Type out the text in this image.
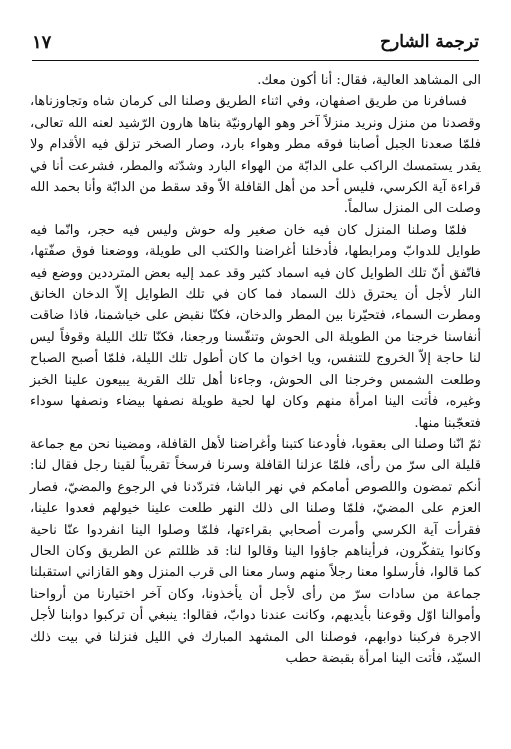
ترجمة الشارح
١٧

الى المشاهد العالية، فقال: أنا أكون معك.

فسافرنا من طريق اصفهان، وفي اثناء الطريق وصلنا الى كرمان شاه وتجاوزناها، وقصدنا من منزل ونريد منزلاً آخر وهو الهارونيّة بناها هارون الرّشيد لعنه الله تعالى، فلمّا صعدنا الجبل أصابنا فوقه مطر وهواء بارد، وصار الصخر تزلق فيه الأقدام ولا يقدر يستمسك الراكب على الدابّة من الهواء البارد وشدّته والمطر، فشرعت أنا في قراءة آية الكرسي، فليس أحد من أهل القافلة الاّ وقد سقط من الدابّة وأنا بحمد الله وصلت الى المنزل سالماً.

فلمّا وصلنا المنزل كان فيه خان صغير وله حوش وليس فيه حجر، وانّما فيه طوايل للدوابّ ومرابطها، فأدخلنا أغراضنا والكتب الى طويلة، ووضعنا فوق صفّتها، فاتّفق أنّ تلك الطوايل كان فيه اسماد كثير وقد عمد إليه بعض المترددين ووضع فيه النار لأجل أن يحترق ذلك السماد فما كان في تلك الطوايل إلاّ الدخان الخانق ومطرت السماء، فتحيّرنا بين المطر والدخان، فكنّا نقبض على خياشمنا، فاذا ضاقت أنفاسنا خرجنا من الطويلة الى الحوش وتنفّسنا ورجعنا، فكنّا تلك الليلة وقوفاً ليس لنا حاجة إلاّ الخروج للتنفس، ويا اخوان ما كان أطول تلك الليلة، فلمّا أصبح الصباح وطلعت الشمس وخرجنا الى الحوش، وجاءنا أهل تلك القرية يبيعون علينا الخبز وغيره، فأتت الينا امرأة منهم وكان لها لحية طويلة نصفها بيضاء ونصفها سوداء فتعجّبنا منها.

ثمّ انّنا وصلنا الى بعقوبا، فأودعنا كتبنا وأغراضنا لأهل القافلة، ومضينا نحن مع جماعة قليلة الى سرّ من رأى، فلمّا عزلنا القافلة وسرنا فرسخاً تقريباً لقينا رجل فقال لنا: أنكم تمضون واللصوص أمامكم في نهر الباشا، فتردّدنا في الرجوع والمضيّ، فصار العزم على المضيّ، فلمّا وصلنا الى ذلك النهر طلعت علينا خيولهم فعدوا علينا، فقرأت آية الكرسي وأمرت أصحابي بقراءتها، فلمّا وصلوا الينا انفردوا عنّا ناحية وكانوا يتفكّرون، فرأيناهم جاؤوا الينا وقالوا لنا: قد ظللتم عن الطريق وكان الحال كما قالوا، فأرسلوا معنا رجلاً منهم وسار معنا الى قرب المنزل وهو القازاني استقبلنا جماعة من سادات سرّ من رأى لأجل أن يأخذونا، وكان آخر اختيارنا من أرواحنا وأموالنا اوّل وقوعنا بأيديهم، وكانت عندنا دوابّ، فقالوا: ينبغي أن تركبوا دوابنا لأجل الاجرة فركبنا دوابهم، فوصلنا الى المشهد المبارك في الليل فنزلنا في بيت ذلك السيّد، فأتت الينا امرأة بقبضة حطب
